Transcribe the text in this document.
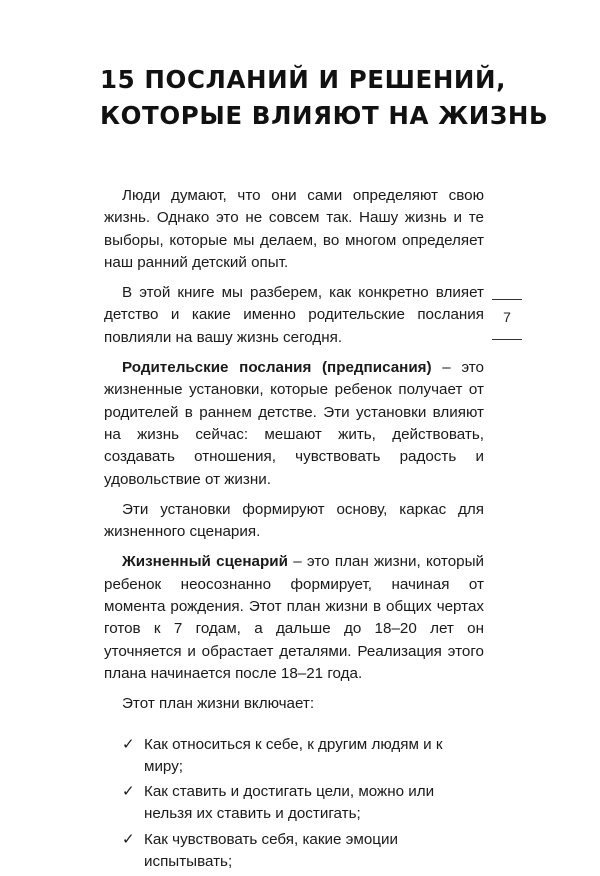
15 ПОСЛАНИЙ И РЕШЕНИЙ,
КОТОРЫЕ ВЛИЯЮТ НА ЖИЗНЬ
7

Люди думают, что они сами определяют свою жизнь. Однако это не совсем так. Нашу жизнь и те выборы, которые мы делаем, во многом определяет наш ранний детский опыт.

В этой книге мы разберем, как конкретно влияет детство и какие именно родительские послания повлияли на вашу жизнь сегодня.

Родительские послания (предписания) – это жизненные установки, которые ребенок получает от родителей в раннем детстве. Эти установки влияют на жизнь сейчас: мешают жить, действовать, создавать отношения, чувствовать радость и удовольствие от жизни.

Эти установки формируют основу, каркас для жизненного сценария.

Жизненный сценарий – это план жизни, который ребенок неосознанно формирует, начиная от момента рождения. Этот план жизни в общих чертах готов к 7 годам, а дальше до 18–20 лет он уточняется и обрастает деталями. Реализация этого плана начинается после 18–21 года.

Этот план жизни включает:

✓ Как относиться к себе, к другим людям и к миру;
✓ Как ставить и достигать цели, можно или нельзя их ставить и достигать;
✓ Как чувствовать себя, какие эмоции испытывать;
